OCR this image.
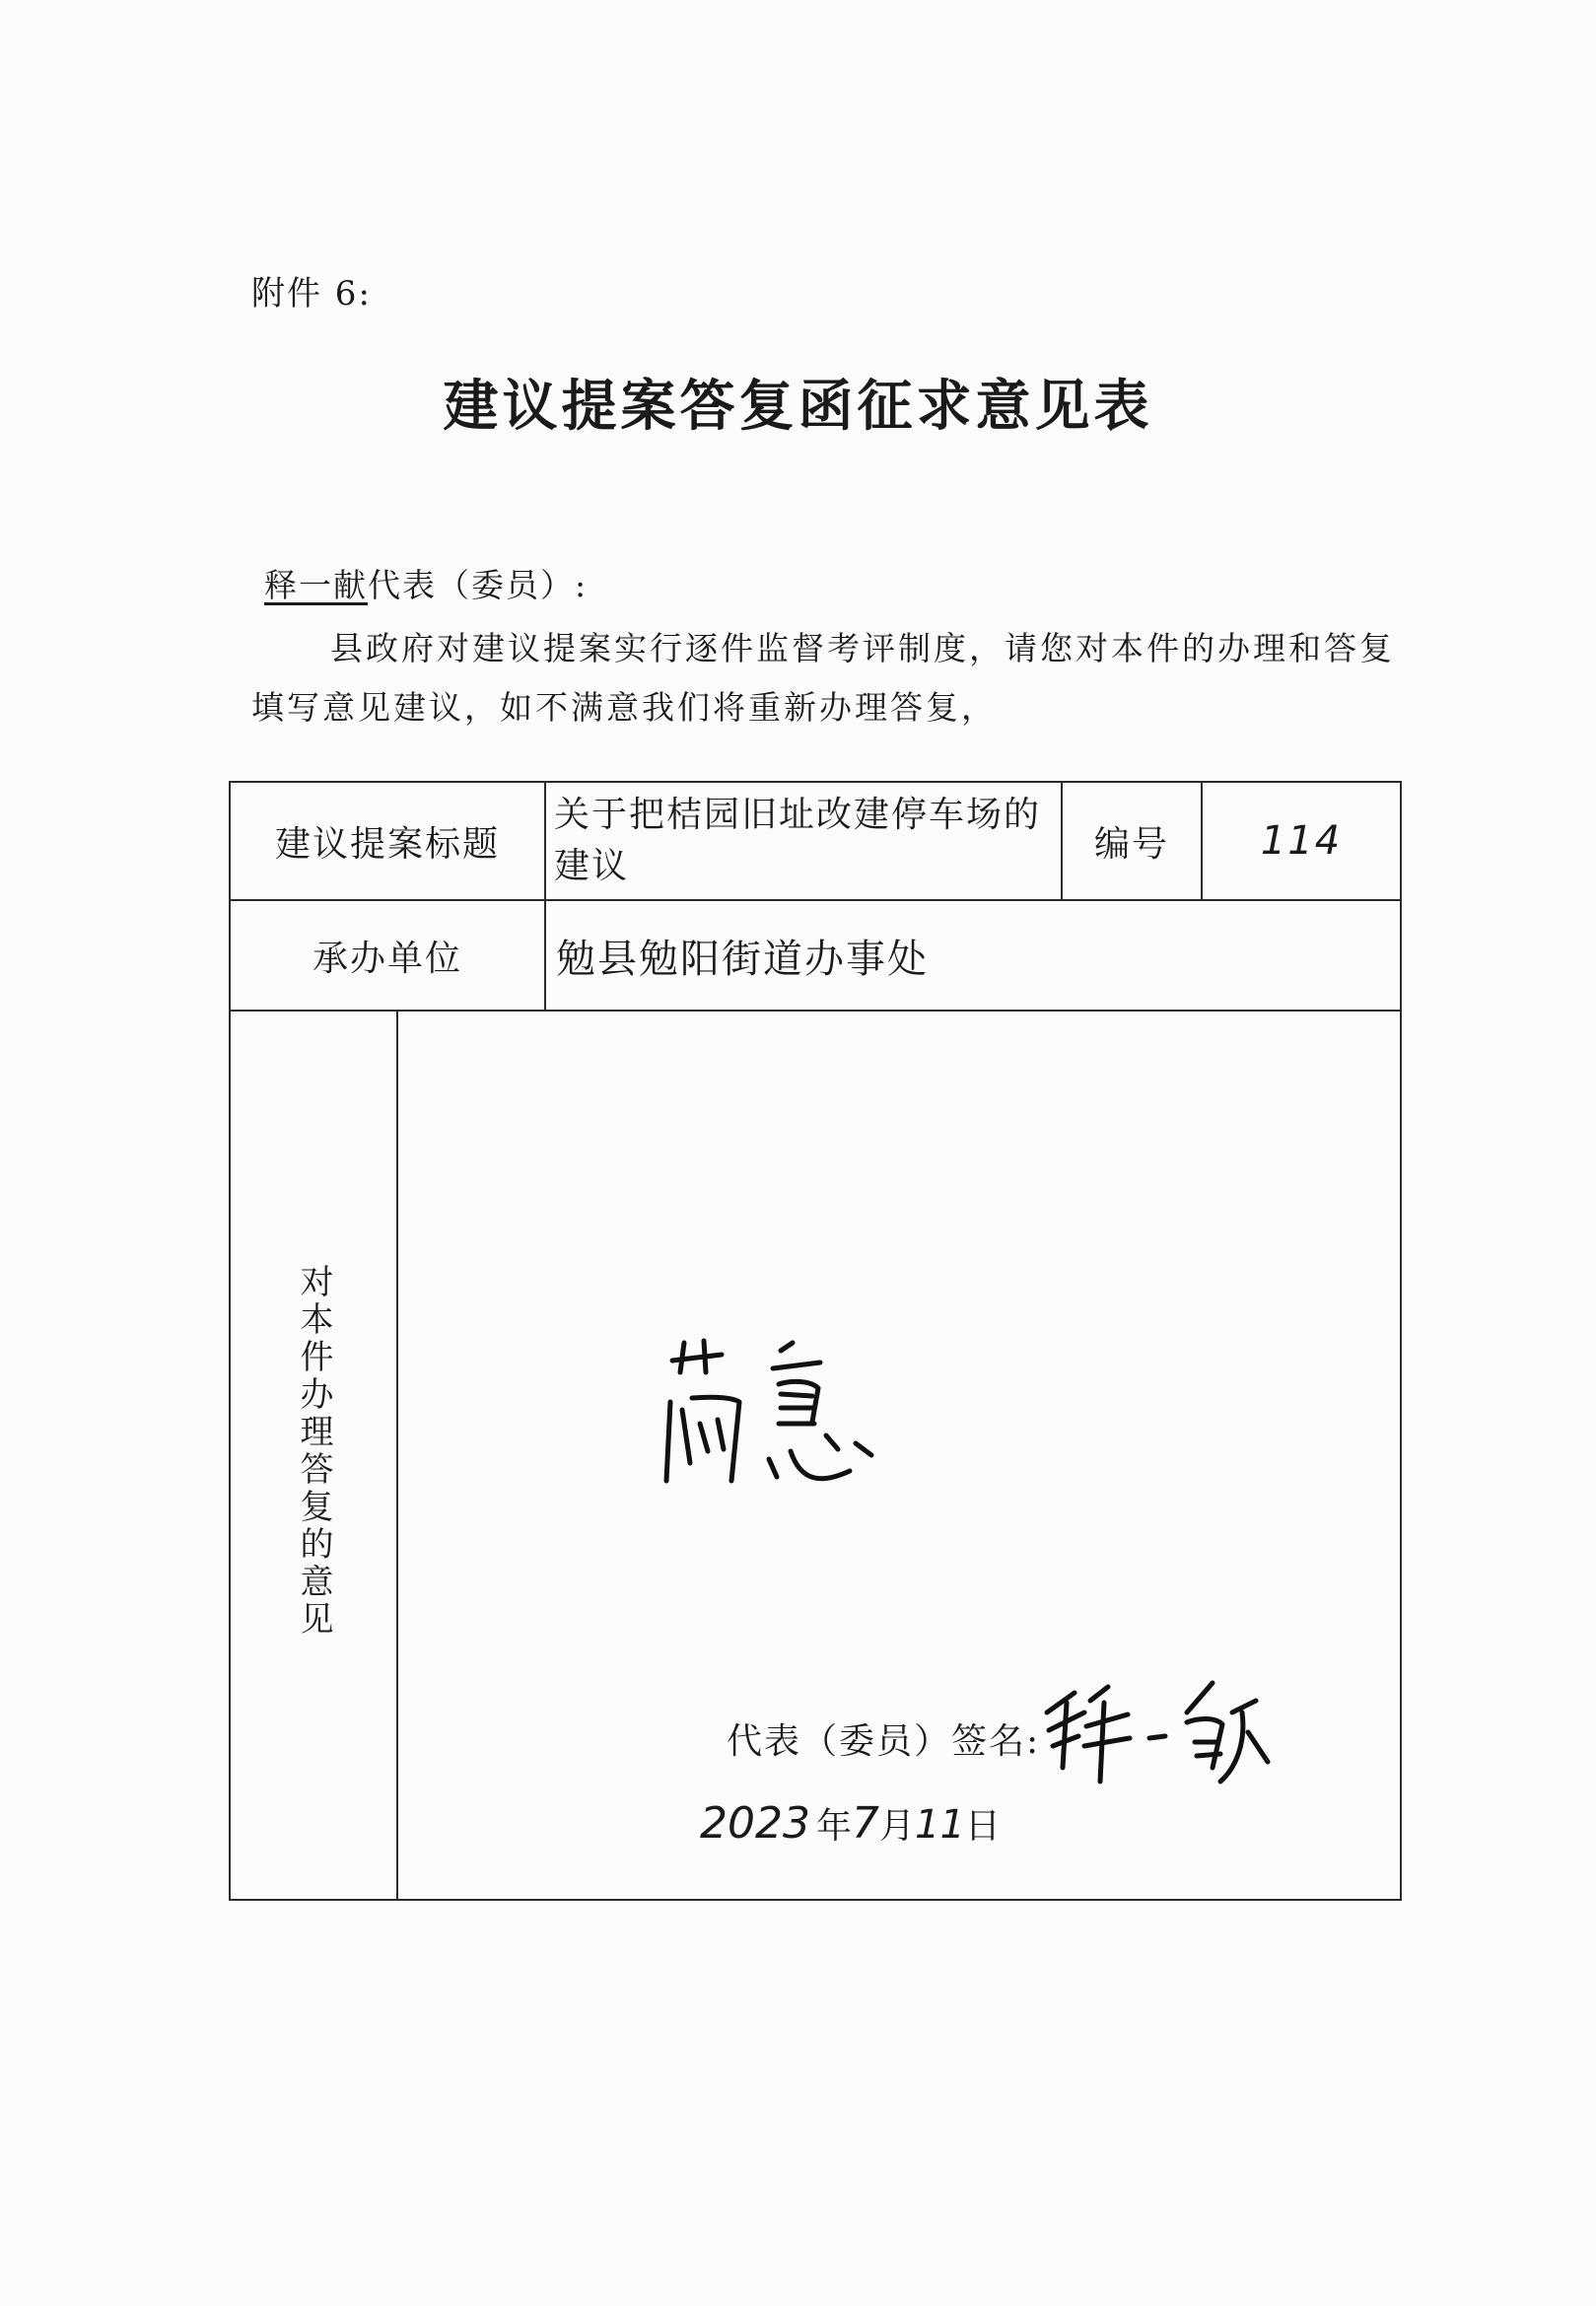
附件 6:
建议提案答复函征求意见表
释一献代表（委员）:

县政府对建议提案实行逐件监督考评制度，请您对本件的办理和答复填写意见建议，如不满意我们将重新办理答复，

建议提案标题
关于把桔园旧址改建停车场的建议
编号	114
承办单位	勉县勉阳街道办事处
对本件办理答复的意见
代表（委员）签名:
2023 年 7 月 11 日
